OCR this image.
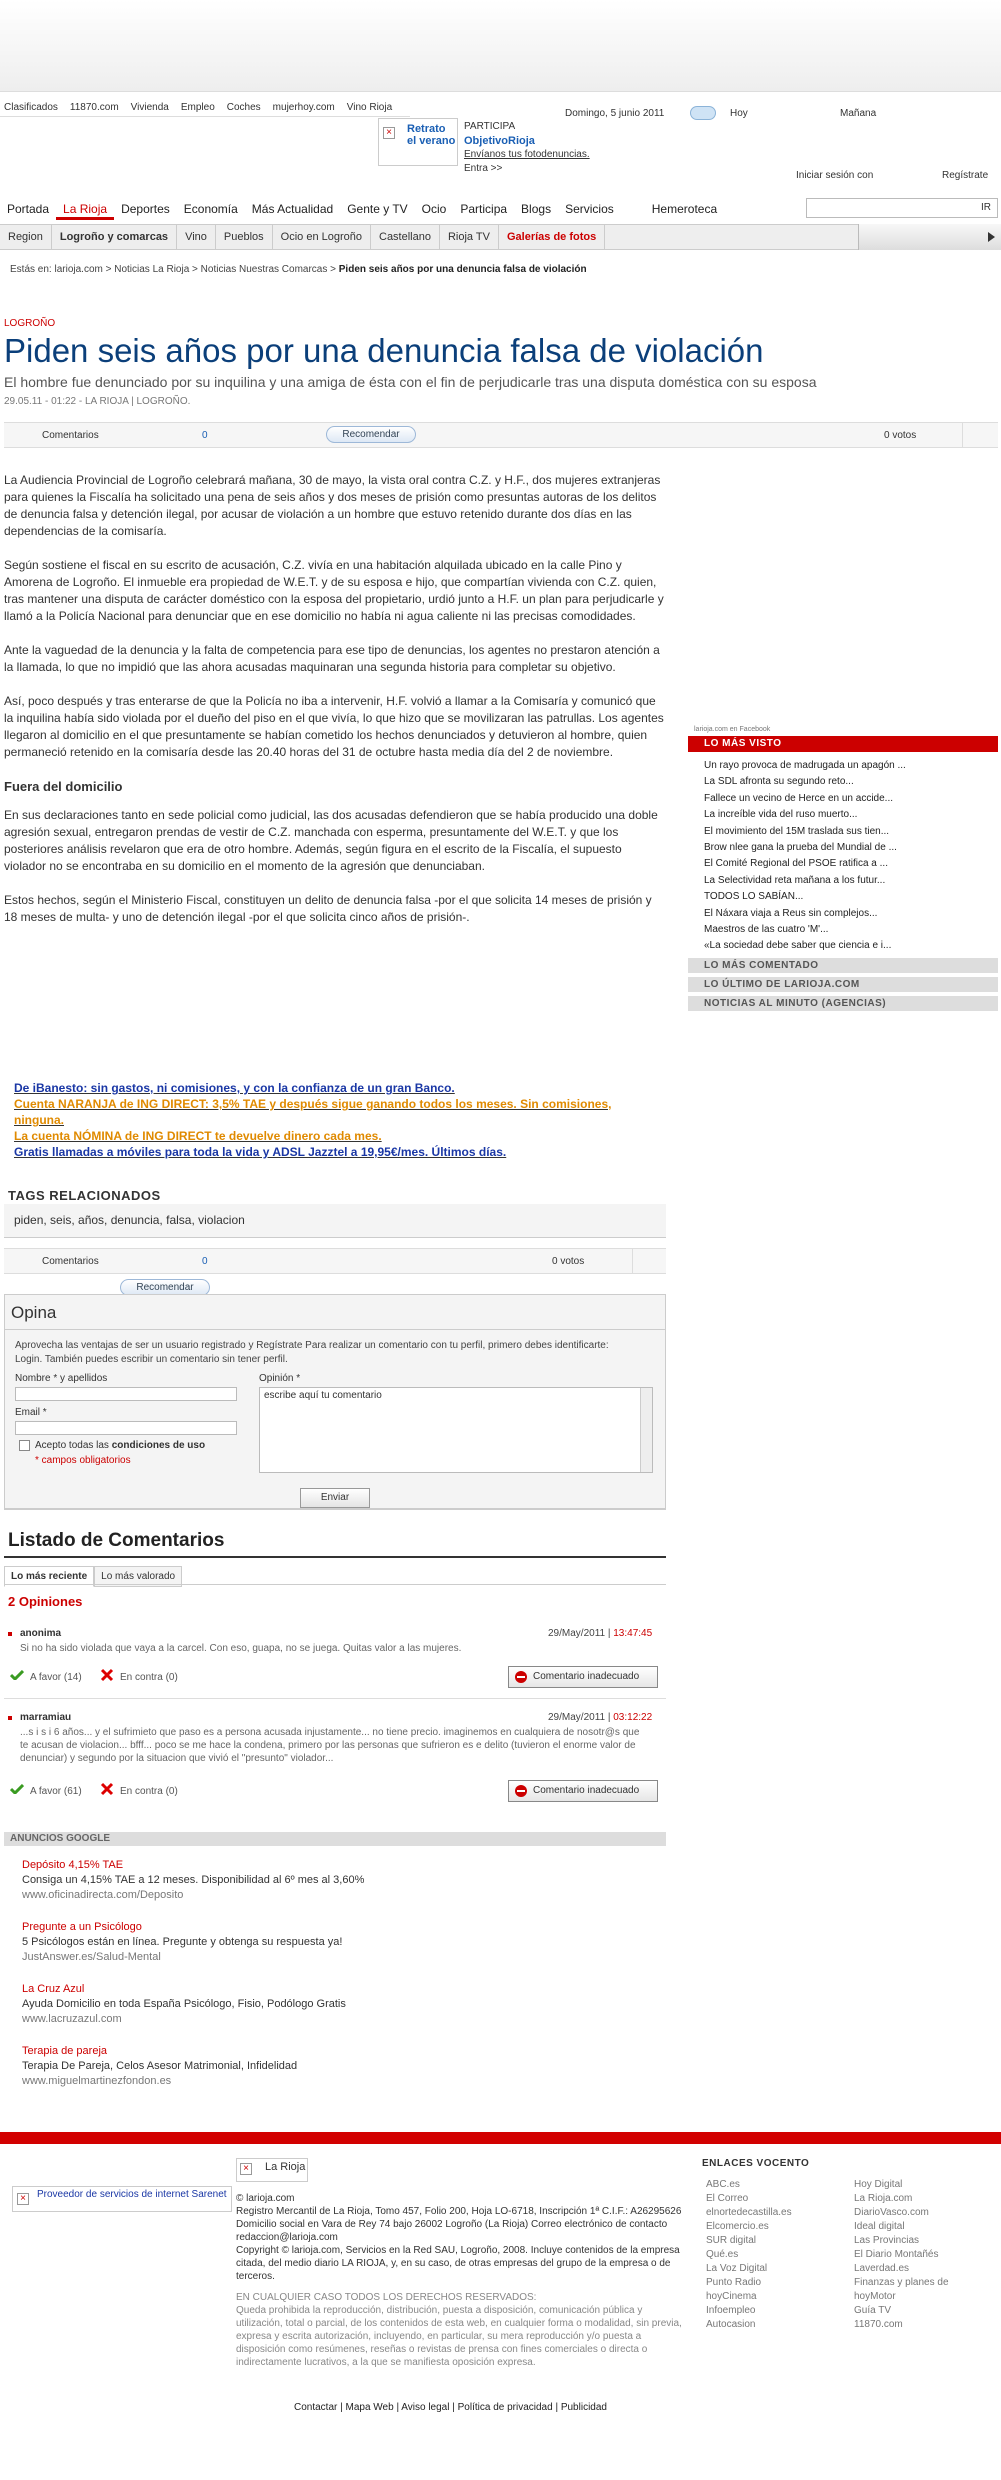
Clasificados 11870.com Vivienda Empleo Coches mujerhoy.com Vino Rioja
× Retrato el verano
PARTICIPA
ObjetivoRioja
Envíanos tus fotodenuncias.
Entra >>
Domingo, 5 junio 2011	Hoy	Mañana
Iniciar sesión con	Regístrate
Portada	La Rioja	Deportes	Economía	Más Actualidad	Gente y TV	Ocio	Participa	Blogs	Servicios	Hemeroteca	IR
Region	Logroño y comarcas	Vino	Pueblos	Ocio en Logroño	Castellano	Rioja TV	Galerías de fotos
Estás en: larioja.com > Noticias La Rioja > Noticias Nuestras Comarcas > Piden seis años por una denuncia falsa de violación
LOGROÑO
Piden seis años por una denuncia falsa de violación
El hombre fue denunciado por su inquilina y una amiga de ésta con el fin de perjudicarle tras una disputa doméstica con su esposa
29.05.11 - 01:22 - LA RIOJA | LOGROÑO.
Comentarios	0	Recomendar	0 votos

La Audiencia Provincial de Logroño celebrará mañana, 30 de mayo, la vista oral contra C.Z. y H.F., dos mujeres extranjeras para quienes la Fiscalía ha solicitado una pena de seis años y dos meses de prisión como presuntas autoras de los delitos de denuncia falsa y detención ilegal, por acusar de violación a un hombre que estuvo retenido durante dos días en las dependencias de la comisaría.

Según sostiene el fiscal en su escrito de acusación, C.Z. vivía en una habitación alquilada ubicado en la calle Pino y Amorena de Logroño. El inmueble era propiedad de W.E.T. y de su esposa e hijo, que compartían vivienda con C.Z. quien, tras mantener una disputa de carácter doméstico con la esposa del propietario, urdió junto a H.F. un plan para perjudicarle y llamó a la Policía Nacional para denunciar que en ese domicilio no había ni agua caliente ni las precisas comodidades.

Ante la vaguedad de la denuncia y la falta de competencia para ese tipo de denuncias, los agentes no prestaron atención a la llamada, lo que no impidió que las ahora acusadas maquinaran una segunda historia para completar su objetivo.

Así, poco después y tras enterarse de que la Policía no iba a intervenir, H.F. volvió a llamar a la Comisaría y comunicó que la inquilina había sido violada por el dueño del piso en el que vivía, lo que hizo que se movilizaran las patrullas. Los agentes llegaron al domicilio en el que presuntamente se habían cometido los hechos denunciados y detuvieron al hombre, quien permaneció retenido en la comisaría desde las 20.40 horas del 31 de octubre hasta media día del 2 de noviembre.

Fuera del domicilio

En sus declaraciones tanto en sede policial como judicial, las dos acusadas defendieron que se había producido una doble agresión sexual, entregaron prendas de vestir de C.Z. manchada con esperma, presuntamente del W.E.T. y que los posteriores análisis revelaron que era de otro hombre. Además, según figura en el escrito de la Fiscalía, el supuesto violador no se encontraba en su domicilio en el momento de la agresión que denunciaban.

Estos hechos, según el Ministerio Fiscal, constituyen un delito de denuncia falsa -por el que solicita 14 meses de prisión y 18 meses de multa- y uno de detención ilegal -por el que solicita cinco años de prisión-.

larioja.com en Facebook
LO MÁS VISTO
Un rayo provoca de madrugada un apagón ...
La SDL afronta su segundo reto...
Fallece un vecino de Herce en un accide...
La increíble vida del ruso muerto...
El movimiento del 15M traslada sus tien...
Brow nlee gana la prueba del Mundial de ...
El Comité Regional del PSOE ratifica a ...
La Selectividad reta mañana a los futur...
TODOS LO SABÍAN...
El Náxara viaja a Reus sin complejos...
Maestros de las cuatro 'M'...
«La sociedad debe saber que ciencia e i...
LO MÁS COMENTADO
LO ÚLTIMO DE LARIOJA.COM
NOTICIAS AL MINUTO (AGENCIAS)
De iBanesto: sin gastos, ni comisiones, y con la confianza de un gran Banco.
Cuenta NARANJA de ING DIRECT: 3,5% TAE y después sigue ganando todos los meses. Sin comisiones, ninguna.
La cuenta NÓMINA de ING DIRECT te devuelve dinero cada mes.
Gratis llamadas a móviles para toda la vida y ADSL Jazztel a 19,95€/mes. Últimos días.
TAGS RELACIONADOS
piden, seis, años, denuncia, falsa, violacion
Comentarios	0	0 votos
Recomendar
Opina
Aprovecha las ventajas de ser un usuario registrado y Regístrate Para realizar un comentario con tu perfil, primero debes identificarte: Login. También puedes escribir un comentario sin tener perfil.
Nombre * y apellidos
Email *
Opinión *
escribe aquí tu comentario
Acepto todas las condiciones de uso
* campos obligatorios
Enviar
Listado de Comentarios
Lo más reciente	Lo más valorado
2 Opiniones
anonima	29/May/2011 | 13:47:45
Si no ha sido violada que vaya a la carcel. Con eso, guapa, no se juega. Quitas valor a las mujeres.
A favor (14)	En contra (0)	Comentario inadecuado
marramiau	29/May/2011 | 03:12:22
...s i s i 6 años... y el sufrimieto que paso es a persona acusada injustamente... no tiene precio. imaginemos en cualquiera de nosotr@s que te acusan de violacion... bfff... poco se me hace la condena, primero por las personas que sufrieron es e delito (tuvieron el enorme valor de denunciar) y segundo por la situacion que vivió el "presunto" violador...
A favor (61)	En contra (0)	Comentario inadecuado
ANUNCIOS GOOGLE
Depósito 4,15% TAE
Consiga un 4,15% TAE a 12 meses. Disponibilidad al 6º mes al 3,60%
www.oficinadirecta.com/Deposito
Pregunte a un Psicólogo
5 Psicólogos están en línea. Pregunte y obtenga su respuesta ya!
JustAnswer.es/Salud-Mental
La Cruz Azul
Ayuda Domicilio en toda España Psicólogo, Fisio, Podólogo Gratis
www.lacruzazul.com
Terapia de pareja
Terapia De Pareja, Celos Asesor Matrimonial, Infidelidad
www.miguelmartinezfondon.es
× La Rioja
×	Proveedor de servicios de internet Sarenet © larioja.com
Registro Mercantil de La Rioja, Tomo 457, Folio 200, Hoja LO-6718, Inscripción 1ª C.I.F.: A26295626
Domicilio social en Vara de Rey 74 bajo 26002 Logroño (La Rioja) Correo electrónico de contacto redaccion@larioja.com
Copyright © larioja.com, Servicios en la Red SAU, Logroño, 2008. Incluye contenidos de la empresa citada, del medio diario LA RIOJA, y, en su caso, de otras empresas del grupo de la empresa o de terceros.
EN CUALQUIER CASO TODOS LOS DERECHOS RESERVADOS:
Queda prohibida la reproducción, distribución, puesta a disposición, comunicación pública y utilización, total o parcial, de los contenidos de esta web, en cualquier forma o modalidad, sin previa, expresa y escrita autorización, incluyendo, en particular, su mera reproducción y/o puesta a disposición como resúmenes, reseñas o revistas de prensa con fines comerciales o directa o indirectamente lucrativos, a la que se manifiesta oposición expresa.
Contactar | Mapa Web | Aviso legal | Política de privacidad | Publicidad
ENLACES VOCENTO
ABC.es
El Correo
elnortedecastilla.es
Elcomercio.es
SUR digital
Qué.es
La Voz Digital
Punto Radio
hoyCinema
Infoempleo
Autocasion
Hoy Digital
La Rioja.com
DiarioVasco.com
Ideal digital
Las Provincias
El Diario Montañés
Laverdad.es
Finanzas y planes de
hoyMotor
Guía TV
11870.com
